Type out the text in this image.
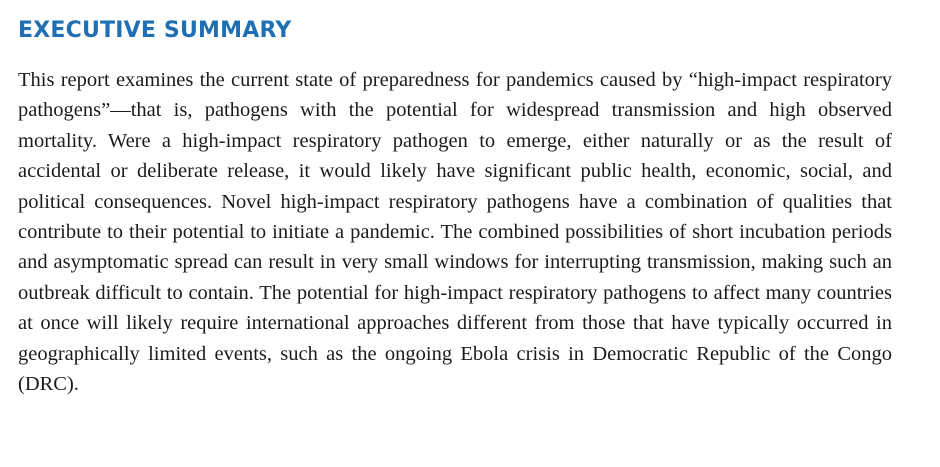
EXECUTIVE SUMMARY

This report examines the current state of preparedness for pandemics caused by “high-impact respiratory pathogens”—that is, pathogens with the potential for widespread transmission and high observed mortality. Were a high-impact respiratory pathogen to emerge, either naturally or as the result of accidental or deliberate release, it would likely have significant public health, economic, social, and political consequences. Novel high-impact respiratory pathogens have a combination of qualities that contribute to their potential to initiate a pandemic. The combined possibilities of short incubation periods and asymptomatic spread can result in very small windows for interrupting transmission, making such an outbreak difficult to contain. The potential for high-impact respiratory pathogens to affect many countries at once will likely require international approaches different from those that have typically occurred in geographically limited events, such as the ongoing Ebola crisis in Democratic Republic of the Congo (DRC).
